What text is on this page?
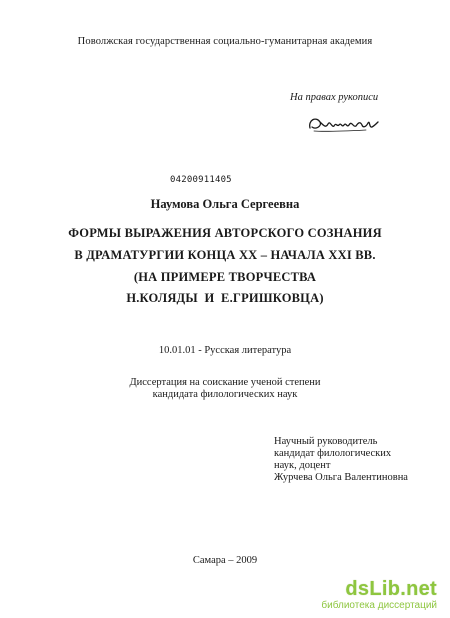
Поволжская государственная социально-гуманитарная академия
На правах рукописи
04200911405
Наумова Ольга Сергеевна
ФОРМЫ ВЫРАЖЕНИЯ АВТОРСКОГО СОЗНАНИЯ
В ДРАМАТУРГИИ КОНЦА XX – НАЧАЛА XXI ВВ.
(НА ПРИМЕРЕ ТВОРЧЕСТВА
Н.КОЛЯДЫ  И  Е.ГРИШКОВЦА)
10.01.01 - Русская литература
Диссертация на соискание ученой степени
кандидата филологических наук
Научный руководитель
кандидат филологических
наук, доцент
Журчева Ольга Валентиновна
Самара – 2009
dsLib.net
библиотека диссертаций
